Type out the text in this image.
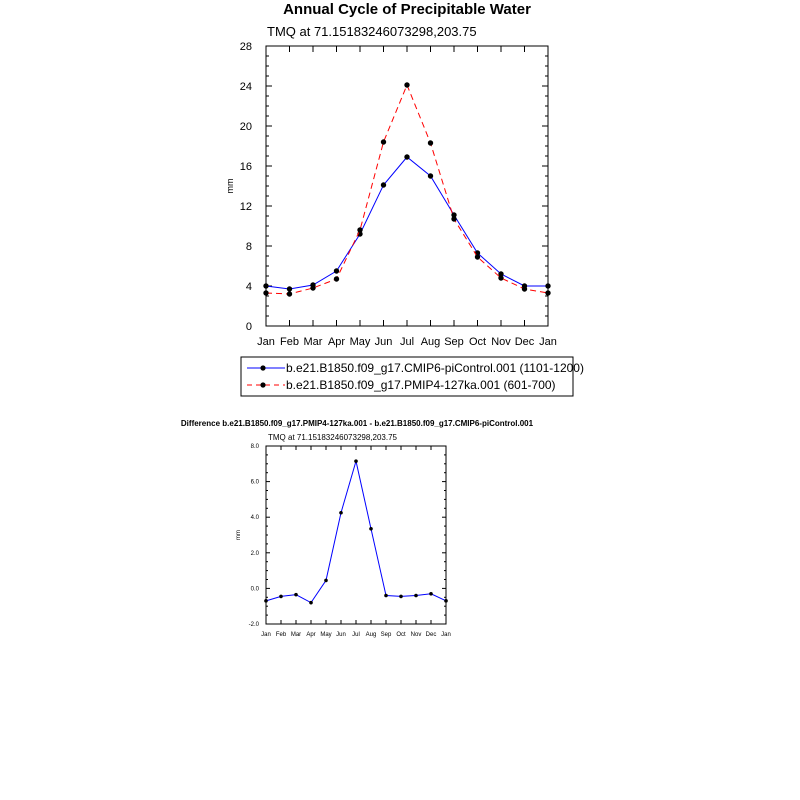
Annual Cycle of Precipitable Water
TMQ at 71.15183246073298,203.75
Jan Feb Mar Apr May Jun Jul Aug Sep Oct Nov Dec Jan
0
4
8
12
16
20
24
28
mm
b.e21.B1850.f09_g17.CMIP6-piControl.001 (1101-1200)
b.e21.B1850.f09_g17.PMIP4-127ka.001 (601-700)
Difference b.e21.B1850.f09_g17.PMIP4-127ka.001 - b.e21.B1850.f09_g17.CMIP6-piControl.001
TMQ at 71.15183246073298,203.75
Jan Feb Mar Apr May Jun Jul Aug Sep Oct Nov Dec Jan
-2.0
0.0
2.0
4.0
6.0
8.0
mm
